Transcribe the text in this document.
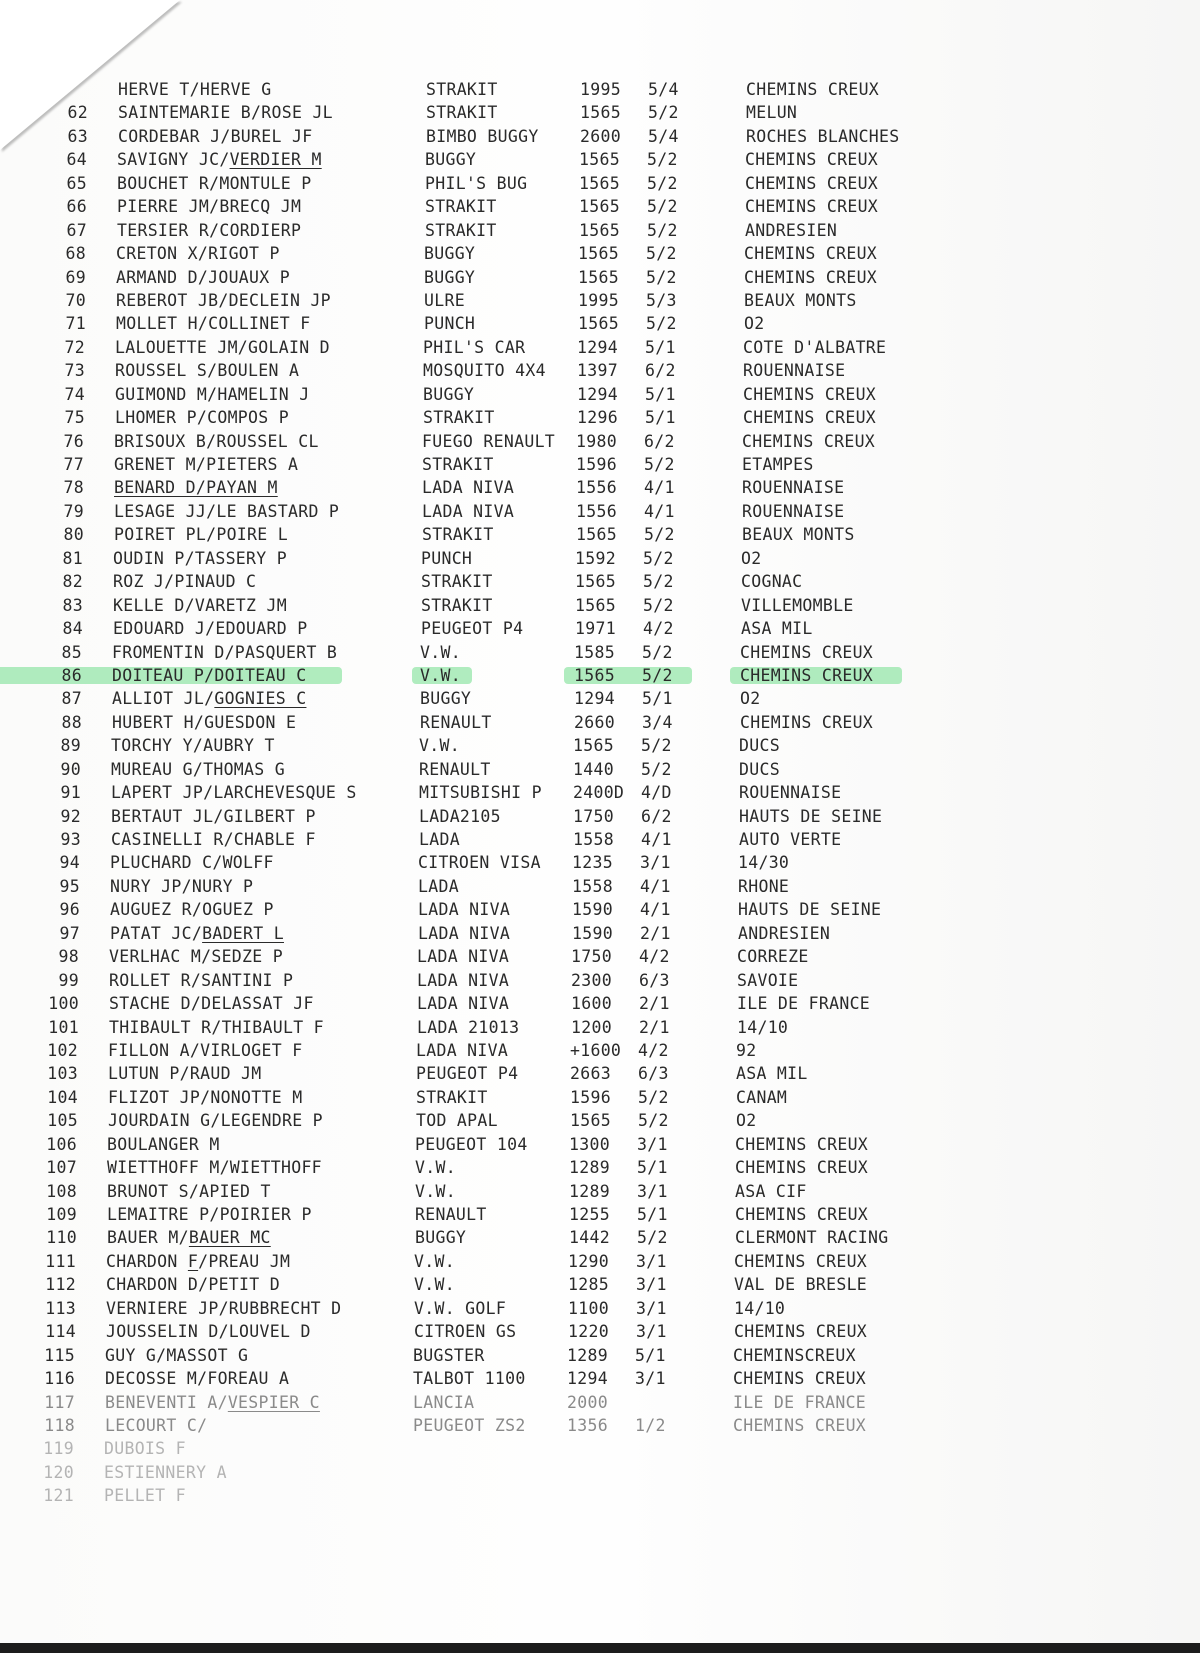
HERVE T/HERVE G	STRAKIT	1995 5/4	CHEMINS CREUX
62 SAINTEMARIE B/ROSE JL	STRAKIT	1565 5/2	MELUN
63 CORDEBAR J/BUREL JF	BIMBO BUGGY	2600 5/4	ROCHES BLANCHES
64 SAVIGNY JC/VERDIER M	BUGGY	1565 5/2	CHEMINS CREUX
65 BOUCHET R/MONTULE P	PHIL'S BUG	1565 5/2	CHEMINS CREUX
66 PIERRE JM/BRECQ JM	STRAKIT	1565 5/2	CHEMINS CREUX
67 TERSIER R/CORDIERP	STRAKIT	1565 5/2	ANDRESIEN
68 CRETON X/RIGOT P	BUGGY	1565 5/2	CHEMINS CREUX
69 ARMAND D/JOUAUX P	BUGGY	1565 5/2	CHEMINS CREUX
70 REBEROT JB/DECLEIN JP	ULRE	1995 5/3	BEAUX MONTS
71 MOLLET H/COLLINET F	PUNCH	1565 5/2	O2
72 LALOUETTE JM/GOLAIN D	PHIL'S CAR	1294 5/1	COTE D'ALBATRE
73 ROUSSEL S/BOULEN A	MOSQUITO 4X4 1397 6/2	ROUENNAISE
74 GUIMOND M/HAMELIN J	BUGGY	1294 5/1	CHEMINS CREUX
75 LHOMER P/COMPOS P	STRAKIT	1296 5/1	CHEMINS CREUX
76 BRISOUX B/ROUSSEL CL	FUEGO RENAULT 1980 6/2	CHEMINS CREUX
77 GRENET M/PIETERS A	STRAKIT	1596 5/2	ETAMPES
78 BENARD D/PAYAN M	LADA NIVA	1556 4/1	ROUENNAISE
79 LESAGE JJ/LE BASTARD P	LADA NIVA	1556 4/1	ROUENNAISE
80 POIRET PL/POIRE L	STRAKIT	1565 5/2	BEAUX MONTS
81 OUDIN P/TASSERY P	PUNCH	1592 5/2	O2
82 ROZ J/PINAUD C	STRAKIT	1565 5/2	COGNAC
83 KELLE D/VARETZ JM	STRAKIT	1565 5/2	VILLEMOMBLE
84 EDOUARD J/EDOUARD P	PEUGEOT P4	1971 4/2	ASA MIL
85 FROMENTIN D/PASQUERT B	V.W.	1585 5/2	CHEMINS CREUX
86 DOITEAU P/DOITEAU C	V.W.	1565 5/2	CHEMINS CREUX
87 ALLIOT JL/GOGNIES C	BUGGY	1294 5/1	O2
88 HUBERT H/GUESDON E	RENAULT	2660 3/4	CHEMINS CREUX
89 TORCHY Y/AUBRY T	V.W.	1565 5/2	DUCS
90 MUREAU G/THOMAS G	RENAULT	1440 5/2	DUCS
91 LAPERT JP/LARCHEVESQUE S	MITSUBISHI P 2400D 4/D	ROUENNAISE
92 BERTAUT JL/GILBERT P	LADA2105	1750 6/2	HAUTS DE SEINE
93 CASINELLI R/CHABLE F	LADA	1558 4/1	AUTO VERTE
94 PLUCHARD C/WOLFF	CITROEN VISA 1235 3/1	14/30
95 NURY JP/NURY P	LADA	1558 4/1	RHONE
96 AUGUEZ R/OGUEZ P	LADA NIVA	1590 4/1	HAUTS DE SEINE
97 PATAT JC/BADERT L	LADA NIVA	1590 2/1	ANDRESIEN
98 VERLHAC M/SEDZE P	LADA NIVA	1750 4/2	CORREZE
99 ROLLET R/SANTINI P	LADA NIVA	2300 6/3	SAVOIE
100 STACHE D/DELASSAT JF	LADA NIVA	1600 2/1	ILE DE FRANCE
101 THIBAULT R/THIBAULT F	LADA 21013	1200 2/1	14/10
102 FILLON A/VIRLOGET F	LADA NIVA	+1600 4/2	92
103 LUTUN P/RAUD JM	PEUGEOT P4	2663 6/3	ASA MIL
104 FLIZOT JP/NONOTTE M	STRAKIT	1596 5/2	CANAM
105 JOURDAIN G/LEGENDRE P	TOD APAL	1565 5/2	O2
106 BOULANGER M	PEUGEOT 104	1300 3/1	CHEMINS CREUX
107 WIETTHOFF M/WIETTHOFF	V.W.	1289 5/1	CHEMINS CREUX
108 BRUNOT S/APIED T	V.W.	1289 3/1	ASA CIF
109 LEMAITRE P/POIRIER P	RENAULT	1255 5/1	CHEMINS CREUX
110 BAUER M/BAUER MC	BUGGY	1442 5/2	CLERMONT RACING
111 CHARDON F/PREAU JM	V.W.	1290 3/1	CHEMINS CREUX
112 CHARDON D/PETIT D	V.W.	1285 3/1	VAL DE BRESLE
113 VERNIERE JP/RUBBRECHT D	V.W. GOLF	1100 3/1	14/10
114 JOUSSELIN D/LOUVEL D	CITROEN GS	1220 3/1	CHEMINS CREUX
115 GUY G/MASSOT G	BUGSTER	1289 5/1	CHEMINSCREUX
116 DECOSSE M/FOREAU A	TALBOT 1100	1294 3/1	CHEMINS CREUX
117 BENEVENTI A/VESPIER C	LANCIA	2000	ILE DE FRANCE
118 LECOURT C/	PEUGEOT ZS2	1356 1/2	CHEMINS CREUX
119 DUBOIS F
120 ESTIENNERY A
121 PELLET F
